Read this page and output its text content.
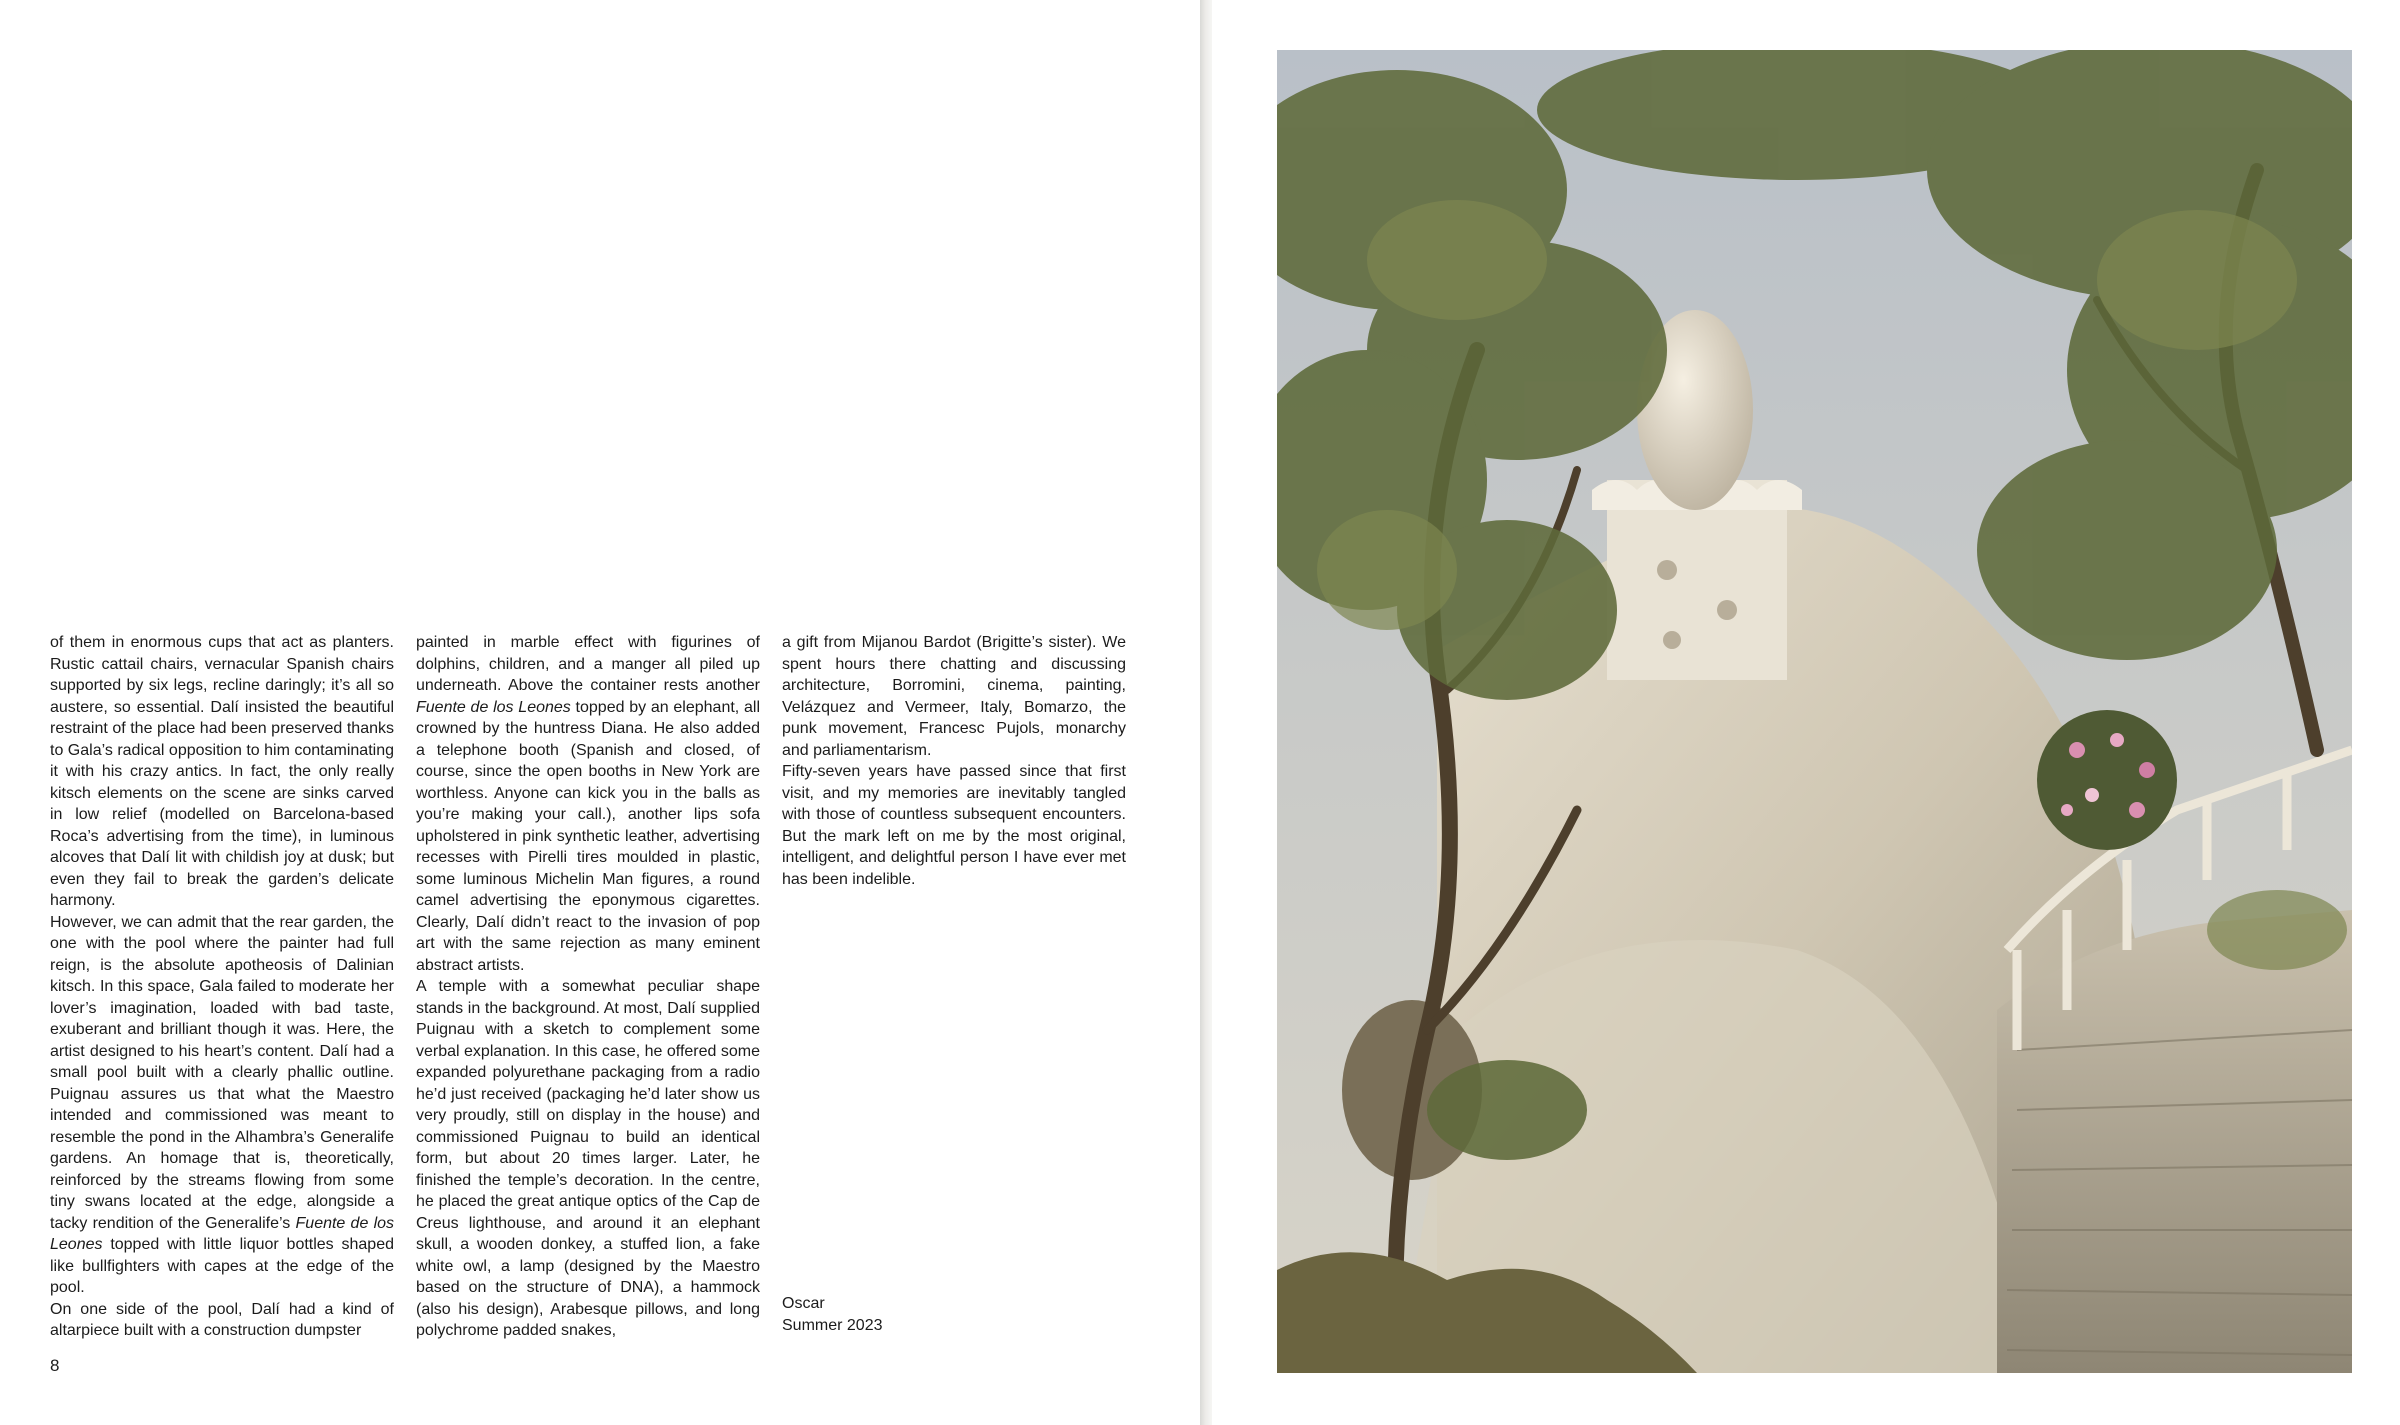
of them in enormous cups that act as planters. Rustic cattail chairs, vernacular Spanish chairs supported by six legs, recline daringly; it’s all so austere, so essential. Dalí insisted the beautiful restraint of the place had been preserved thanks to Gala’s radical opposition to him contaminating it with his crazy antics. In fact, the only really kitsch elements on the scene are sinks carved in low relief (modelled on Barcelona-based Roca’s advertising from the time), in luminous alcoves that Dalí lit with childish joy at dusk; but even they fail to break the garden’s delicate harmony.

However, we can admit that the rear garden, the one with the pool where the painter had full reign, is the absolute apotheosis of Dalinian kitsch. In this space, Gala failed to moderate her lover’s imagination, loaded with bad taste, exuberant and brilliant though it was. Here, the artist designed to his heart’s content. Dalí had a small pool built with a clearly phallic outline. Puignau assures us that what the Maestro intended and commissioned was meant to resemble the pond in the Alhambra’s Generalife gardens. An homage that is, theoretically, reinforced by the streams flowing from some tiny swans located at the edge, alongside a tacky rendition of the Generalife’s Fuente de los Leones topped with little liquor bottles shaped like bullfighters with capes at the edge of the pool.

On one side of the pool, Dalí had a kind of altarpiece built with a construction dumpster

painted in marble effect with figurines of dolphins, children, and a manger all piled up underneath. Above the container rests another Fuente de los Leones topped by an elephant, all crowned by the huntress Diana. He also added a telephone booth (Spanish and closed, of course, since the open booths in New York are worthless. Anyone can kick you in the balls as you’re making your call.), another lips sofa upholstered in pink synthetic leather, advertising recesses with Pirelli tires moulded in plastic, some luminous Michelin Man figures, a round camel advertising the eponymous cigarettes. Clearly, Dalí didn’t react to the invasion of pop art with the same rejection as many eminent abstract artists.

A temple with a somewhat peculiar shape stands in the background. At most, Dalí supplied Puignau with a sketch to complement some verbal explanation. In this case, he offered some expanded polyurethane packaging from a radio he’d just received (packaging he’d later show us very proudly, still on display in the house) and commissioned Puignau to build an identical form, but about 20 times larger. Later, he finished the temple’s decoration. In the centre, he placed the great antique optics of the Cap de Creus lighthouse, and around it an elephant skull, a wooden donkey, a stuffed lion, a fake white owl, a lamp (designed by the Maestro based on the structure of DNA), a hammock (also his design), Arabesque pillows, and long polychrome padded snakes,

a gift from Mijanou Bardot (Brigitte’s sister). We spent hours there chatting and discussing architecture, Borromini, cinema, painting, Velázquez and Vermeer, Italy, Bomarzo, the punk movement, Francesc Pujols, monarchy and parliamentarism.

Fifty-seven years have passed since that first visit, and my memories are inevitably tangled with those of countless subsequent encounters. But the mark left on me by the most original, intelligent, and delightful person I have ever met has been indelible.

Oscar
Summer 2023
8
